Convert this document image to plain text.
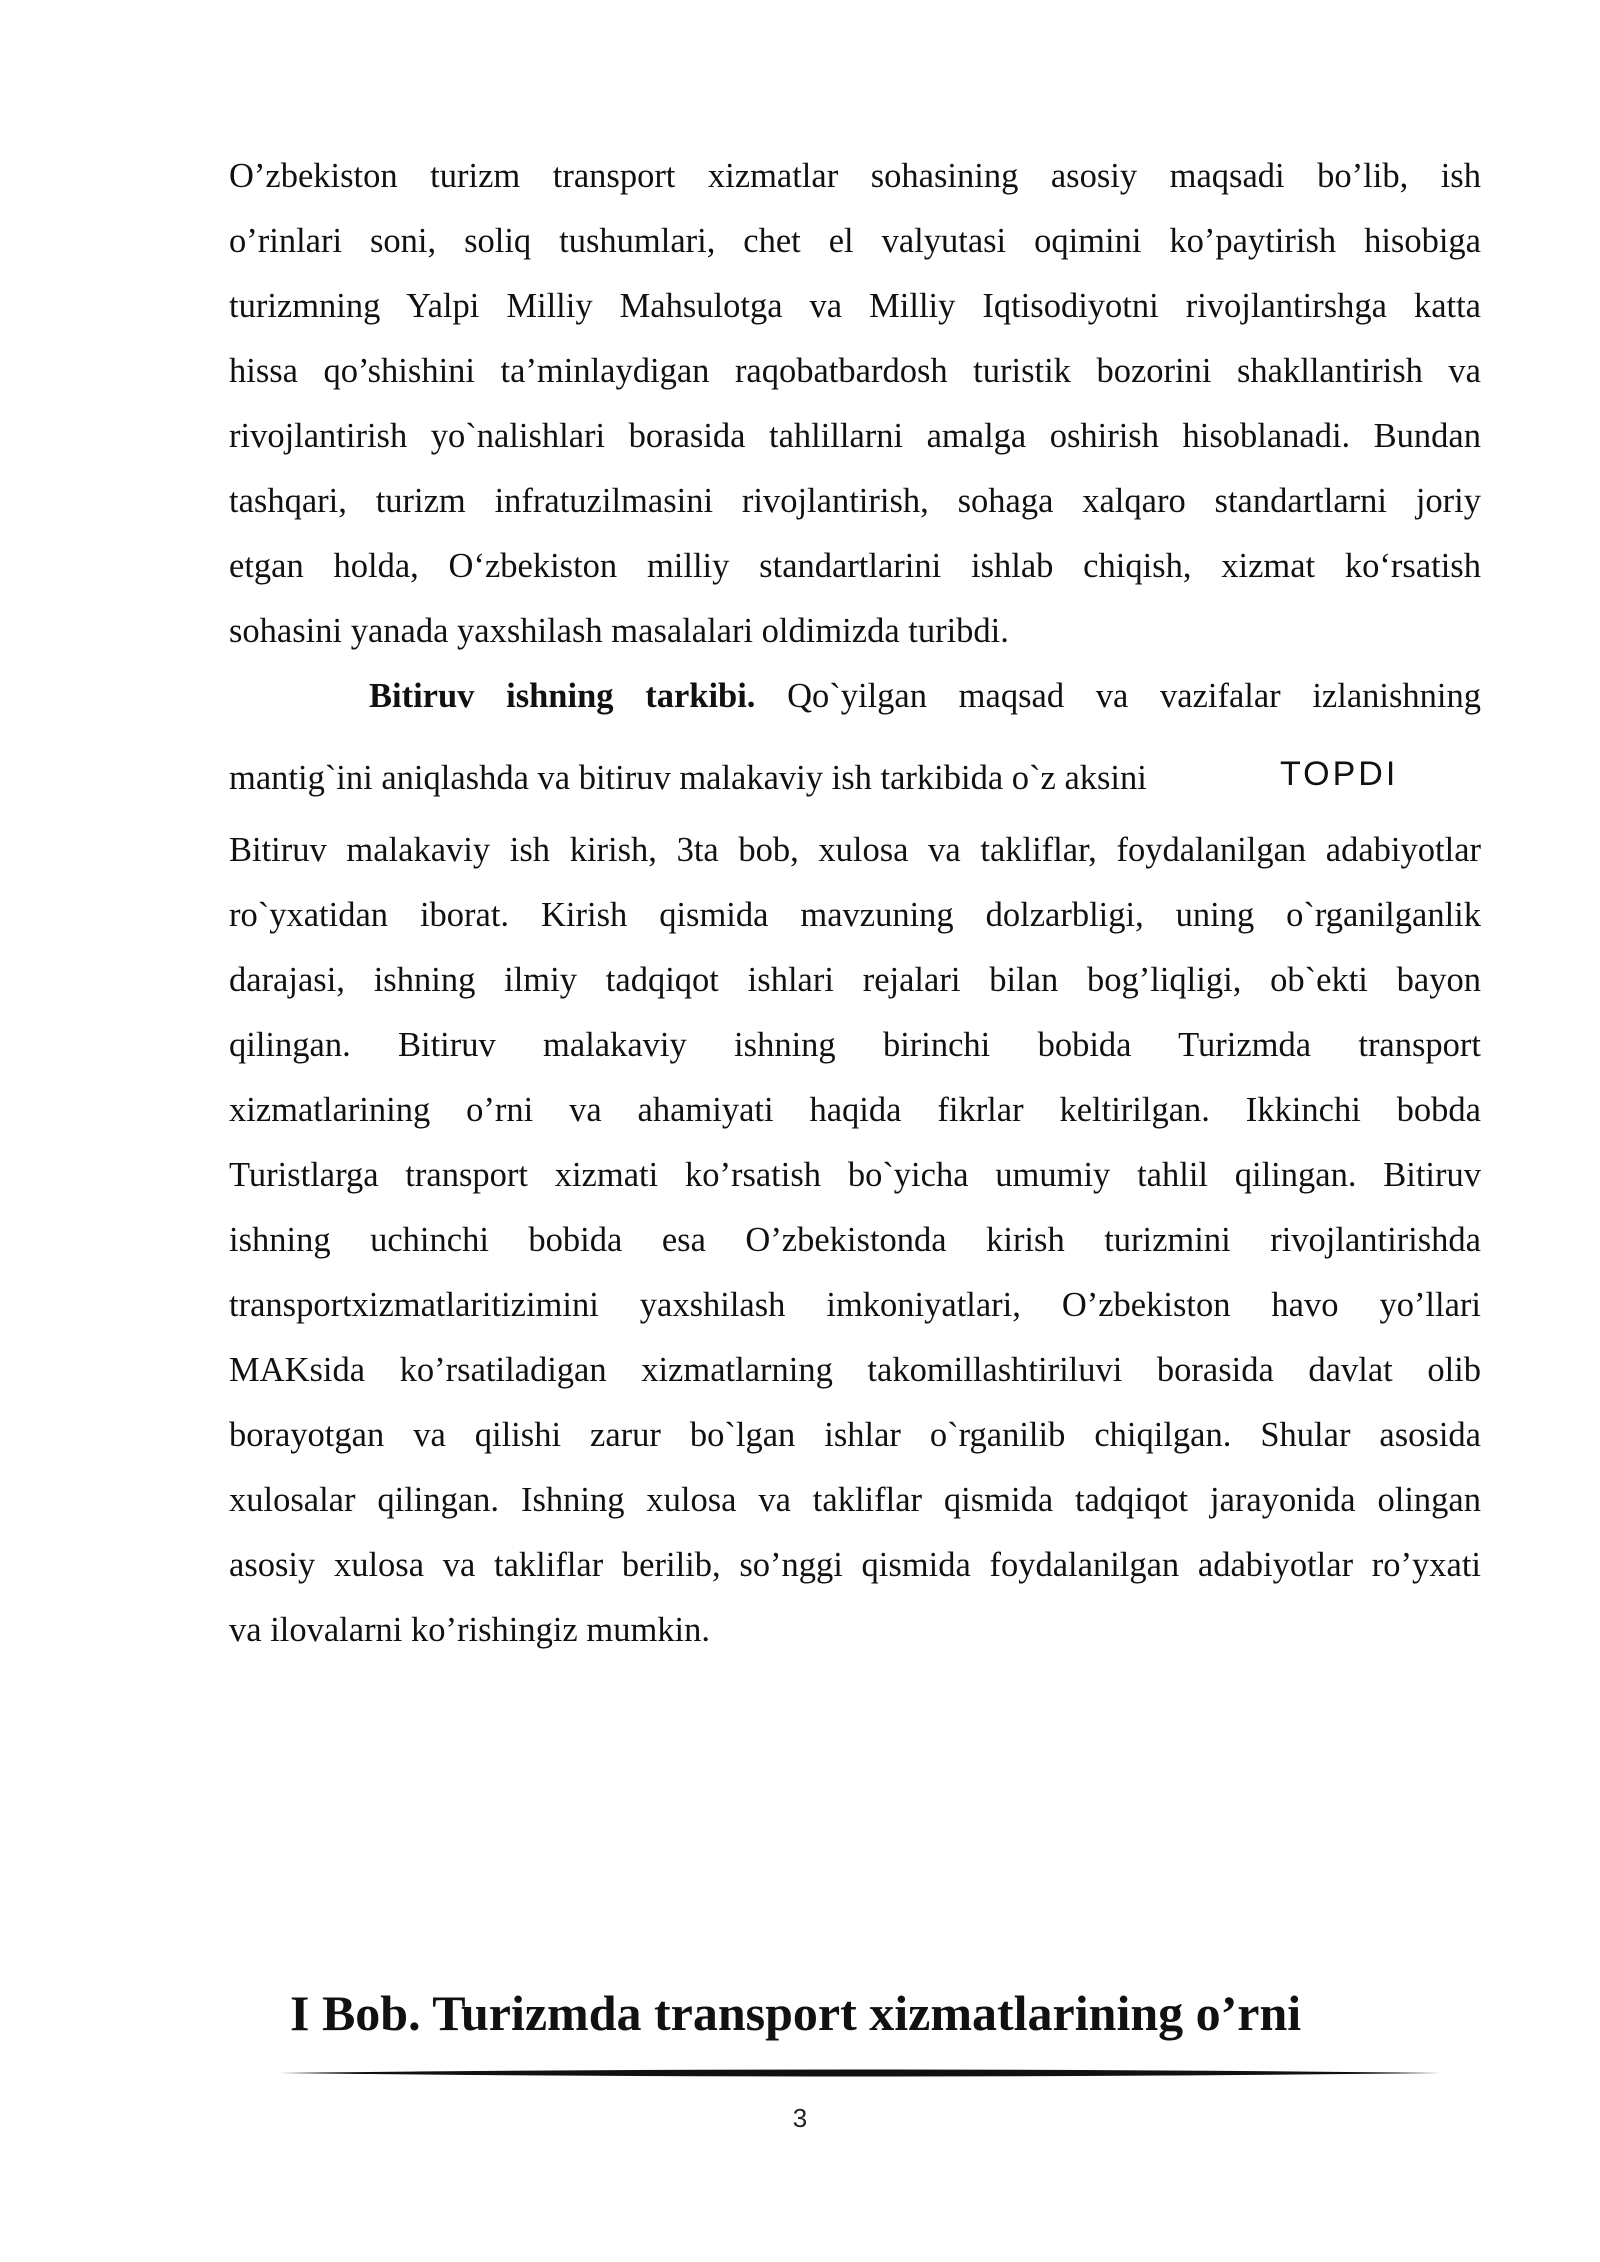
O’zbekiston turizm transport xizmatlar sohasining asosiy maqsadi bo’lib, ish
o’rinlari soni, soliq tushumlari, chet el valyutasi oqimini ko’paytirish hisobiga
turizmning Yalpi Milliy Mahsulotga va Milliy Iqtisodiyotni rivojlantirshga katta
hissa qo’shishini ta’minlaydigan raqobatbardosh turistik bozorini shakllantirish va
rivojlantirish yo`nalishlari borasida tahlillarni amalga oshirish hisoblanadi. Bundan
tashqari, turizm infratuzilmasini rivojlantirish, sohaga xalqaro standartlarni joriy
etgan holda, O‘zbekiston milliy standartlarini ishlab chiqish, xizmat ko‘rsatish
sohasini yanada yaxshilash masalalari oldimizda turibdi.
Bitiruv ishning tarkibi. Qo`yilgan maqsad va vazifalar izlanishning
mantig`ini aniqlashda va bitiruv malakaviy ish tarkibida o`z aksini	TOPDI
Bitiruv malakaviy ish kirish, 3ta bob, xulosa va takliflar, foydalanilgan adabiyotlar
ro`yxatidan iborat. Kirish qismida mavzuning dolzarbligi, uning o`rganilganlik
darajasi, ishning ilmiy tadqiqot ishlari rejalari bilan bog’liqligi, ob`ekti bayon
qilingan. Bitiruv malakaviy ishning birinchi bobida Turizmda transport
xizmatlarining o’rni va ahamiyati haqida fikrlar keltirilgan. Ikkinchi bobda
Turistlarga transport xizmati ko’rsatish bo`yicha umumiy tahlil qilingan. Bitiruv
ishning uchinchi bobida esa O’zbekistonda kirish turizmini rivojlantirishda
transportxizmatlaritizimini yaxshilash imkoniyatlari, O’zbekiston havo yo’llari
MAKsida ko’rsatiladigan xizmatlarning takomillashtiriluvi borasida davlat olib
borayotgan va qilishi zarur bo`lgan ishlar o`rganilib chiqilgan. Shular asosida
xulosalar qilingan. Ishning xulosa va takliflar qismida tadqiqot jarayonida olingan
asosiy xulosa va takliflar berilib, so’nggi qismida foydalanilgan adabiyotlar ro’yxati
va ilovalarni ko’rishingiz mumkin.
I Bob. Turizmda transport xizmatlarining o’rni
3
